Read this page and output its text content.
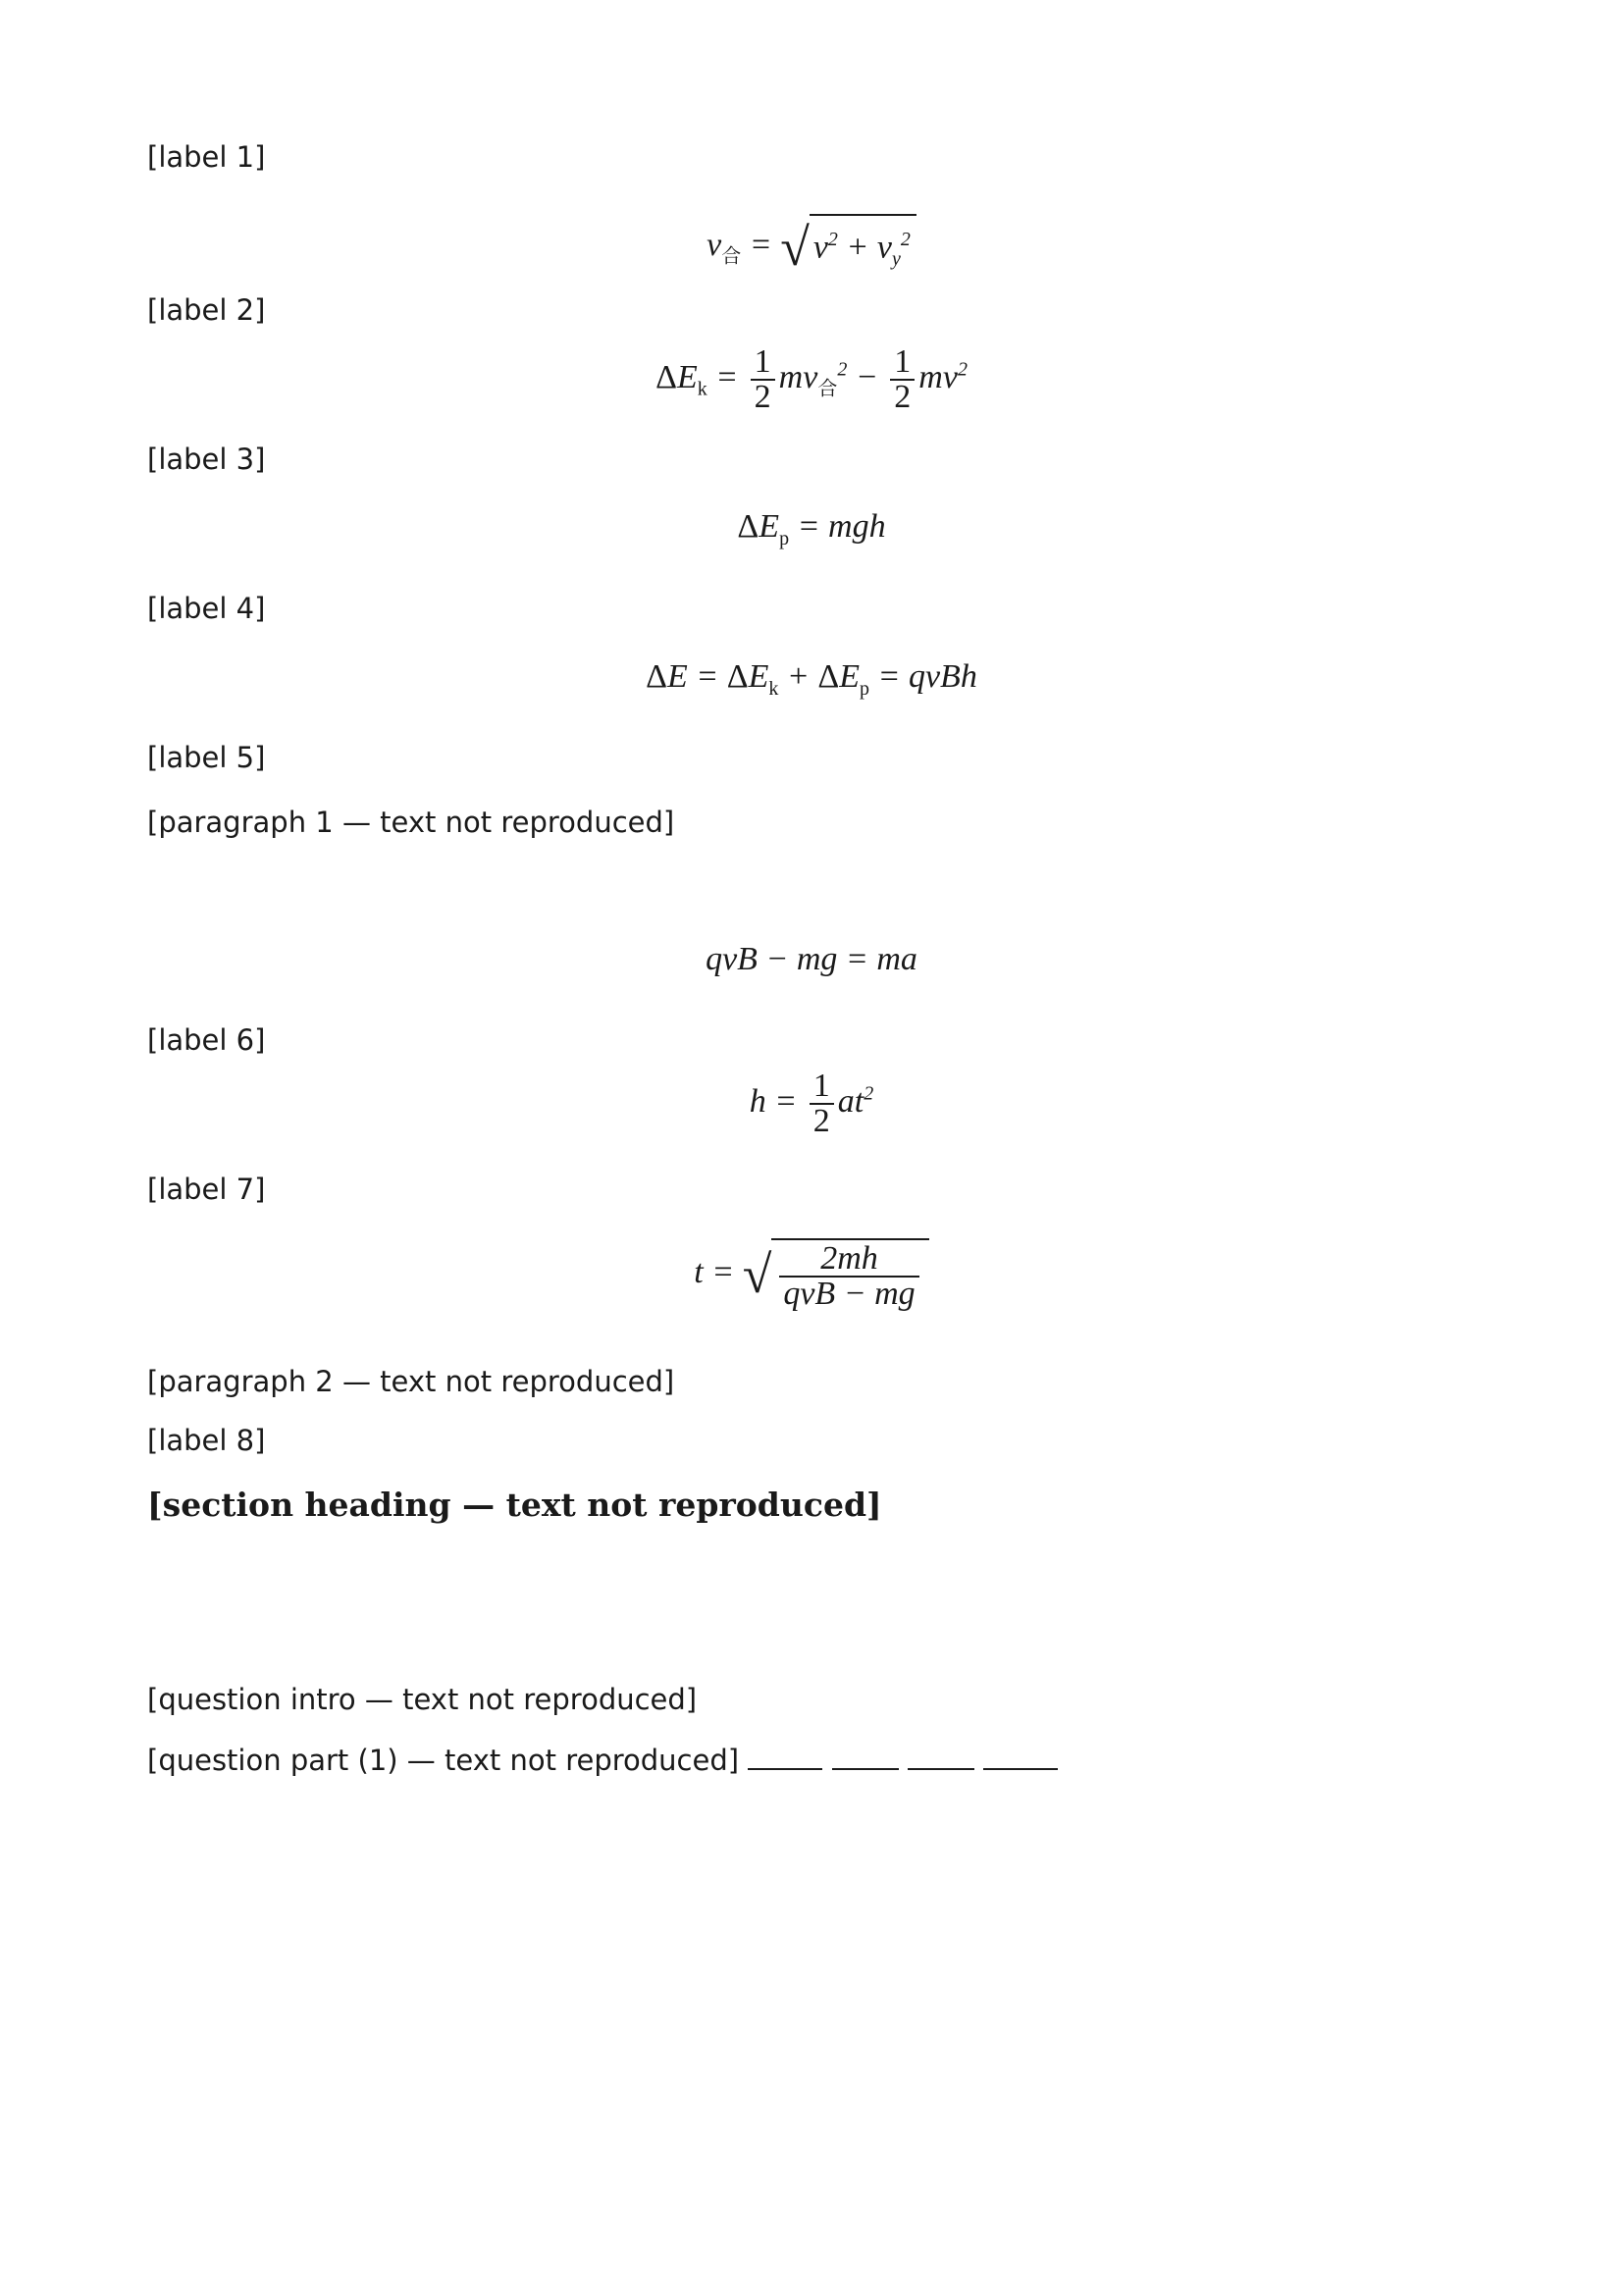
[label 1]
$v_合$ = √ $v^2 + v_y^2$
[label 2]
$\Delta E_k = \frac{1}{2} mv_合^2 - \frac{1}{2} mv^2$
[label 3]
$\Delta E_p$ = mgh
[label 4]
$\Delta E = \Delta E_k + \Delta E_p$ = qvBh
[label 5]
[paragraph 1 — text not reproduced]
qvB − mg = ma
[label 6]
$h = \frac{1}{2} at^2$
[label 7]
t = √ $\frac{2mh}{\text{qvB − mg}}$
[paragraph 2 — text not reproduced]
[label 8]
[section heading — text not reproduced]
[question intro — text not reproduced]
[question part (1) — text not reproduced]
